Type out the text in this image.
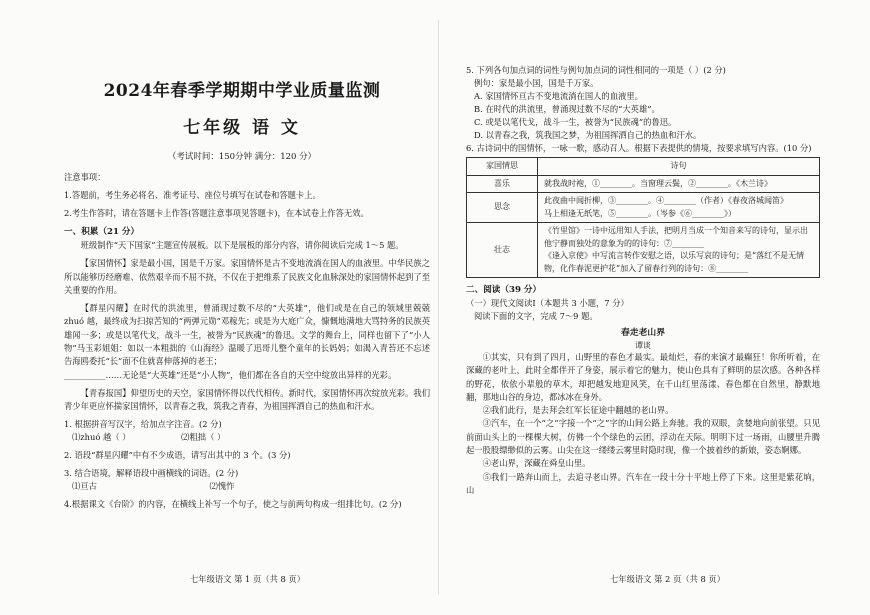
2024年春季学期期中学业质量监测
七年级 语 文
（考试时间：150分钟 满分：120 分）
注意事项：
1.答题前，考生务必将名、准考证号、座位号填写在试卷和答题卡上。
2.考生作答时，请在答题卡上作答(答题注意事项见答题卡)，在本试卷上作答无效。
一、积累（21 分）
班级制作“天下国家”主题宣传展板。以下是展板的部分内容，请你阅读后完成 1～5 题。
【家国情怀】家是最小国，国是千万家。家国情怀是古不变地流淌在国人的血液里。中华民族之所以能够历经磨难、依然艰辛而不屈不挠，不仅在于把维系了民族文化血脉深处的家国情怀起到了至关重要的作用。
【群星闪耀】在时代的洪流里，曾涌现过数不尽的“大英雄”，他们或是在自己的领域里兢兢 zhuó 越，最终成为扫掠苦知的“两弹元勋”邓稼先；或是为大庭广众，慷慨地满地大骂特务的民族英雄闻一多；或是以笔代戈，战斗一生，被誉为“民族魂”的鲁迅。文学的舞台上，同样也留下了“小人物”马玉彩姐姐：如以一本粗拙的《山海经》温暖了迅哥儿整个童年的长妈妈；如渴入青苔还不忘述告海鸥委托“长”面不住就喜伸落掉的老王；
__________……无论是“大英雄”还是“小人物”，他们都在各自的天空中绽放出异样的光彩。
【青春报国】仰望历史的天空，家国情怀得以代代相传。新时代，家国情怀再次绽放光彩。我们青少年更应怀揣家国情怀，以青春之我，筑我之青春，为祖国挥洒自己的热血和汗水。
1. 根据拼音写汉字，给加点字注音。(2 分)
⑴zhuó 越（ ）	⑵粗拙（ ）
2. 语段“群星闪耀”中有不少成语，请写出其中的 3 个。(3 分)
3. 结合语境，解释语段中画横线的词语。(2 分)
⑴亘古	⑵愧怍
4.根据课文《台阶》的内容，在横线上补写一个句子，使之与前两句构成一组排比句。(2 分)
七年级语文 第 1 页（共 8 页）
5. 下列各句加点词的词性与例句加点词的词性相同的一项是（ ）(2 分)
例句：家是最小国，国是千万家。
A. 家国情怀亘古不变地流淌在国人的血液里。
B. 在时代的洪流里，曾涌现过数不尽的“大英雄”。
C. 或是以笔代戈，战斗一生，被誉为“民族魂”的鲁迅。
D. 以青春之我，筑我国之梦，为祖国挥洒自己的热血和汗水。
6. 古诗词中的国情怀，一咏一歌，感动召人。根据下表提供的情境，按要求填写内容。(10 分)
家国情思	诗句
喜乐	就我战时袍，①________。当窗理云鬓，②________。《木兰诗》

思念	此夜曲中闻折柳，③________。④________（作者）《春夜洛城闻笛》
马上相逢无纸笔，⑤________。（岑参《⑥________》）

壮志	《竹里馆》一诗中远用知人手法，把明月当成一个知音来写的诗句，显示出他宁静而独处的意象为的的诗句：⑦________
《逢入京使》中写流言转作安慰之语，以乐写哀的诗句；是“落红不是无情物，化作春泥更护花”加入了留春行列的诗句：⑧________
二、阅读（39 分）
（一）现代文阅读Ⅰ（本题共 3 小题，7 分）
阅读下面的文字，完成 7～9 题。
春走老山界
谭谈
①其实，只有到了四月，山野里的春色才最实。最灿烂，春的来演才最癫狂！你所听着，在深藏的老叶上，此时全都伴开了身姿，展示着它的魅力，使山色具有了鲜明的层次感。各种各样的野花，依依小辈般的草木，却把越发地迎风笑，在千山红里荡漾、春色都在自然里，静默地翻，那地山谷的身边，都冰冰在身外。
②我们此行，是去拜会红军长征途中翻越的老山界。
③汽车，在一个“之”字接一个“之”字的山间公路上奔驰。我的双眼，贪婪地向前张望。只见前面山头上的一棵棵大树，仿佛一个个绿色的云团，浮动在天际。明明下过一场雨，山腰里升腾起一股股缥缈似的云雾。山尖在这一缕缕云雾里时隐时现，像一个披着纱的新娘，姿态婀娜。
④老山界，深藏在舜皇山里。
⑤我们一路奔山而上，去追寻老山界。汽车在一段十分十平地上停了下来。这里是紫花垧，山
七年级语文 第 2 页（共 8 页）
